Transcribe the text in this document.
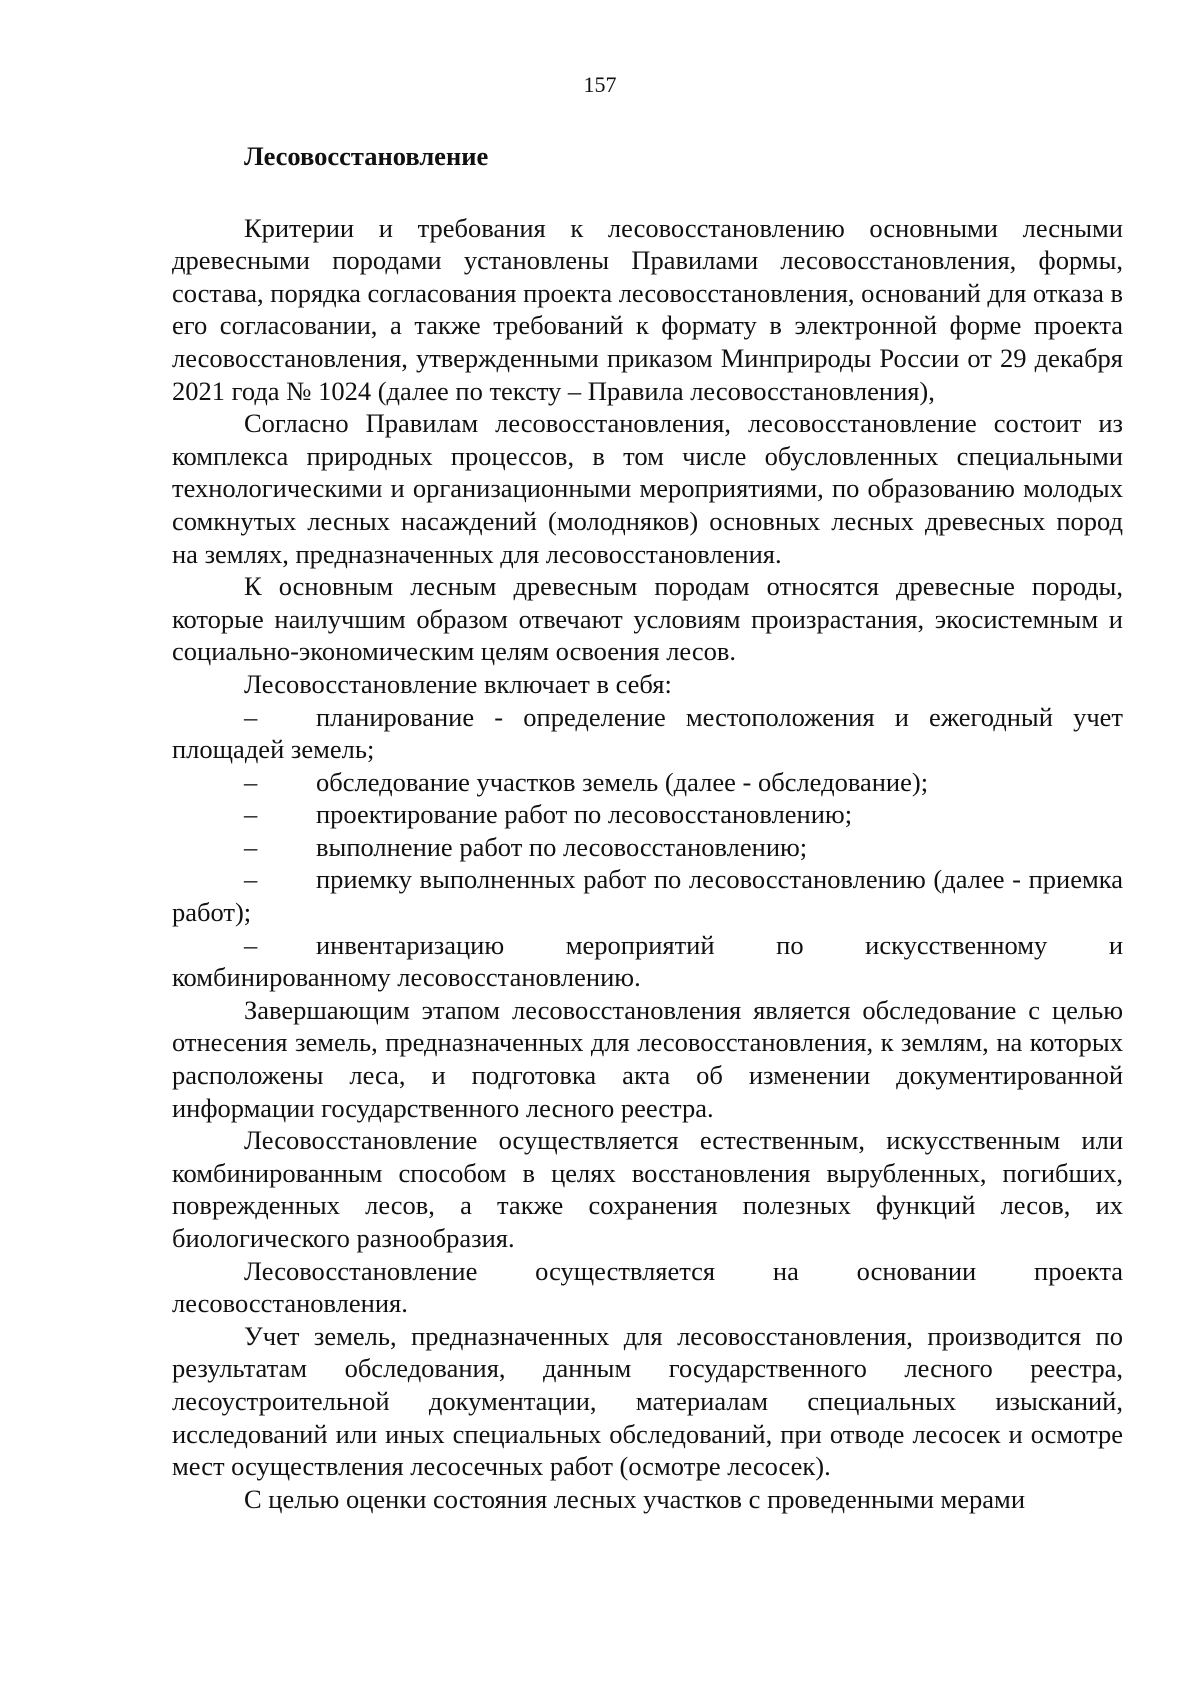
157
Лесовосстановление

Критерии и требования к лесовосстановлению основными лесными древесными породами установлены Правилами лесовосстановления, формы, состава, порядка согласования проекта лесовосстановления, оснований для отказа в его согласовании, а также требований к формату в электронной форме проекта лесовосстановления, утвержденными приказом Минприроды России от 29 декабря 2021 года № 1024 (далее по тексту – Правила лесовосстановления),

Согласно Правилам лесовосстановления, лесовосстановление состоит из комплекса природных процессов, в том числе обусловленных специальными технологическими и организационными мероприятиями, по образованию молодых сомкнутых лесных насаждений (молодняков) основных лесных древесных пород на землях, предназначенных для лесовосстановления.

К основным лесным древесным породам относятся древесные породы, которые наилучшим образом отвечают условиям произрастания, экосистемным и социально-экономическим целям освоения лесов.

Лесовосстановление включает в себя:

– планирование - определение местоположения и ежегодный учет площадей земель;

– обследование участков земель (далее - обследование);

– проектирование работ по лесовосстановлению;

– выполнение работ по лесовосстановлению;

– приемку выполненных работ по лесовосстановлению (далее - приемка работ);

– инвентаризацию мероприятий по искусственному и комбинированному лесовосстановлению.

Завершающим этапом лесовосстановления является обследование с целью отнесения земель, предназначенных для лесовосстановления, к землям, на которых расположены леса, и подготовка акта об изменении документированной информации государственного лесного реестра.

Лесовосстановление осуществляется естественным, искусственным или комбинированным способом в целях восстановления вырубленных, погибших, поврежденных лесов, а также сохранения полезных функций лесов, их биологического разнообразия.

Лесовосстановление осуществляется на основании проекта лесовосстановления.

Учет земель, предназначенных для лесовосстановления, производится по результатам обследования, данным государственного лесного реестра, лесоустроительной документации, материалам специальных изысканий, исследований или иных специальных обследований, при отводе лесосек и осмотре мест осуществления лесосечных работ (осмотре лесосек).

С целью оценки состояния лесных участков с проведенными мерами
